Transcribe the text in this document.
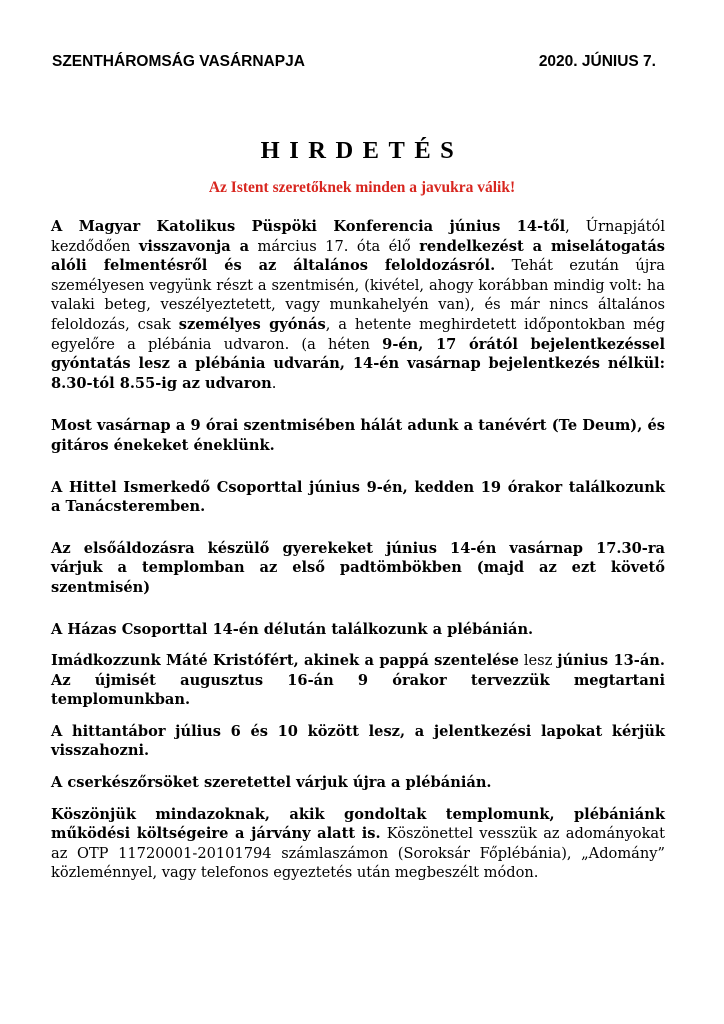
SZENTHÁROMSÁG VASÁRNAPJA	2020. JÚNIUS 7.
HIRDETÉS
Az Istent szeretőknek minden a javukra válik!

A Magyar Katolikus Püspöki Konferencia június 14-től, Úrnapjától kezdődően visszavonja a március 17. óta élő rendelkezést a miselátogatás alóli felmentésről és az általános feloldozásról. Tehát ezután újra személyesen vegyünk részt a szentmisén, (kivétel, ahogy korábban mindig volt: ha valaki beteg, veszélyeztetett, vagy munkahelyén van), és már nincs általános feloldozás, csak személyes gyónás, a hetente meghirdetett időpontokban még egyelőre a plébánia udvaron. (a héten 9-én, 17 órától bejelentkezéssel gyóntatás lesz a plébánia udvarán, 14-én vasárnap bejelentkezés nélkül: 8.30-tól 8.55-ig az udvaron.

Most vasárnap a 9 órai szentmisében hálát adunk a tanévért (Te Deum), és gitáros énekeket éneklünk.

A Hittel Ismerkedő Csoporttal június 9-én, kedden 19 órakor találkozunk a Tanácsteremben.

Az elsőáldozásra készülő gyerekeket június 14-én vasárnap 17.30-ra várjuk a templomban az első padtömbökben (majd az ezt követő szentmisén)

A Házas Csoporttal 14-én délután találkozunk a plébánián.

Imádkozzunk Máté Kristófért, akinek a pappá szentelése lesz június 13-án. Az újmisét augusztus 16-án 9 órakor tervezzük megtartani templomunkban.

A hittantábor július 6 és 10 között lesz, a jelentkezési lapokat kérjük visszahozni.

A cserkészőrsöket szeretettel várjuk újra a plébánián.

Köszönjük mindazoknak, akik gondoltak templomunk, plébániánk működési költségeire a járvány alatt is. Köszönettel vesszük az adományokat az OTP 11720001-20101794 számlaszámon (Soroksár Főplébánia), „Adomány” közleménnyel, vagy telefonos egyeztetés után megbeszélt módon.
